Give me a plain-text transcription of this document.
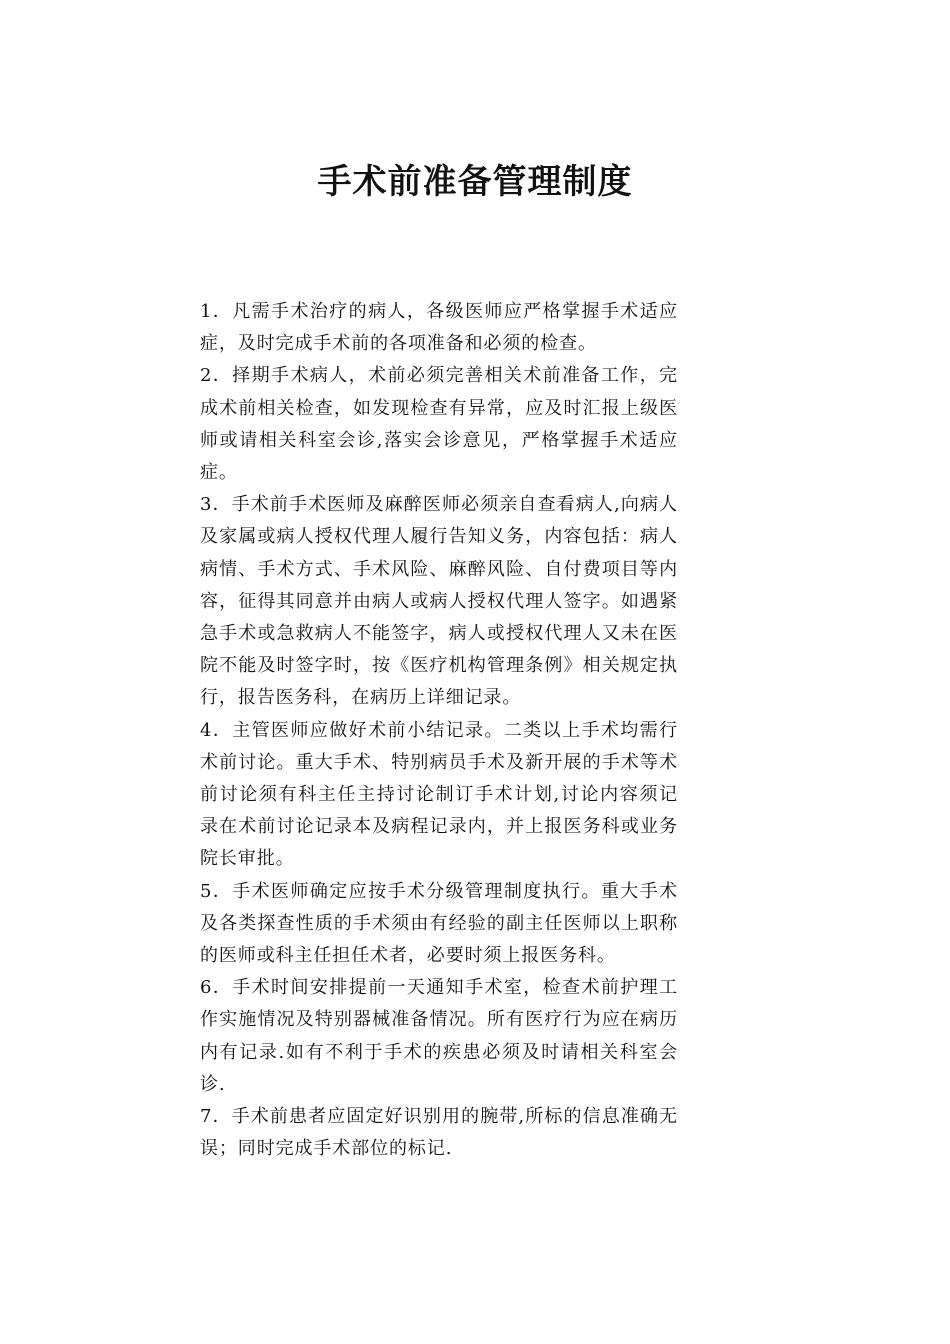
手术前准备管理制度

1．凡需手术治疗的病人，各级医师应严格掌握手术适应症，及时完成手术前的各项准备和必须的检查。

2．择期手术病人，术前必须完善相关术前准备工作，完成术前相关检查，如发现检查有异常，应及时汇报上级医师或请相关科室会诊,落实会诊意见，严格掌握手术适应症。

3．手术前手术医师及麻醉医师必须亲自查看病人,向病人及家属或病人授权代理人履行告知义务，内容包括：病人病情、手术方式、手术风险、麻醉风险、自付费项目等内容，征得其同意并由病人或病人授权代理人签字。如遇紧急手术或急救病人不能签字，病人或授权代理人又未在医院不能及时签字时，按《医疗机构管理条例》相关规定执行，报告医务科，在病历上详细记录。

4．主管医师应做好术前小结记录。二类以上手术均需行术前讨论。重大手术、特别病员手术及新开展的手术等术前讨论须有科主任主持讨论制订手术计划,讨论内容须记录在术前讨论记录本及病程记录内，并上报医务科或业务院长审批。

5．手术医师确定应按手术分级管理制度执行。重大手术及各类探查性质的手术须由有经验的副主任医师以上职称的医师或科主任担任术者，必要时须上报医务科。

6．手术时间安排提前一天通知手术室，检查术前护理工作实施情况及特别器械准备情况。所有医疗行为应在病历内有记录.如有不利于手术的疾患必须及时请相关科室会诊.

7．手术前患者应固定好识别用的腕带,所标的信息准确无误；同时完成手术部位的标记.
